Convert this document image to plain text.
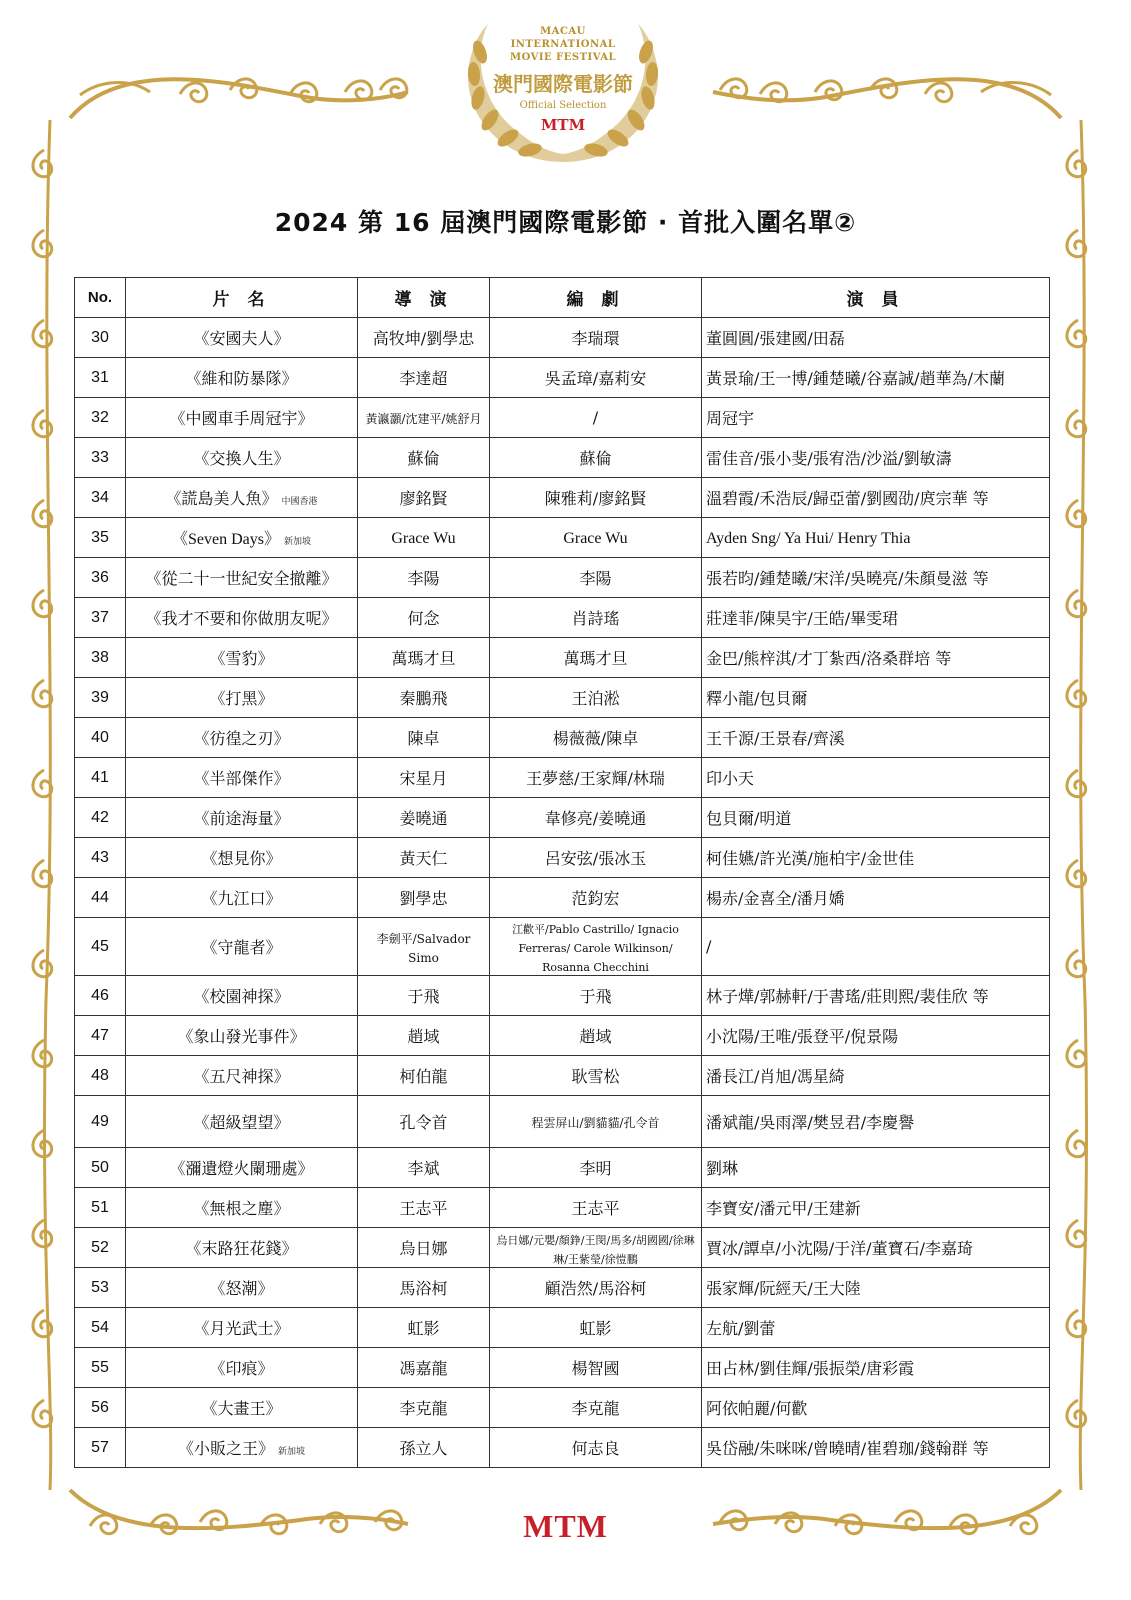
MACAU
INTERNATIONAL
MOVIE FESTIVAL
澳門國際電影節
Official Selection
MTM
2024 第 16 屆澳門國際電影節 · 首批入圍名單②
No.	片 名	導 演	編 劇	演 員
30	《安國夫人》	高牧坤/劉學忠	李瑞環	董圓圓/張建國/田磊
31	《維和防暴隊》	李達超	吳孟璋/嘉莉安	黃景瑜/王一博/鍾楚曦/谷嘉誠/趙華為/木蘭
32	《中國車手周冠宇》	黃瀛灝/沈建平/姚舒月	/	周冠宇
33	《交換人生》	蘇倫	蘇倫	雷佳音/張小斐/張宥浩/沙溢/劉敏濤
34	《謊島美人魚》 中國香港	廖銘賢	陳雅莉/廖銘賢	溫碧霞/禾浩辰/歸亞蕾/劉國劭/庹宗華 等
35	《Seven Days》 新加坡	Grace Wu	Grace Wu	Ayden Sng/ Ya Hui/ Henry Thia
36	《從二十一世紀安全撤離》	李陽	李陽	張若昀/鍾楚曦/宋洋/吳曉亮/朱顏曼滋 等
37	《我才不要和你做朋友呢》	何念	肖詩瑤	莊達菲/陳昊宇/王皓/畢雯珺
38	《雪豹》	萬瑪才旦	萬瑪才旦	金巴/熊梓淇/才丁紮西/洛桑群培 等
39	《打黑》	秦鵬飛	王泊淞	釋小龍/包貝爾
40	《彷徨之刃》	陳卓	楊薇薇/陳卓	王千源/王景春/齊溪
41	《半部傑作》	宋星月	王夢慈/王家輝/林瑞	印小天
42	《前途海量》	姜曉通	韋修亮/姜曉通	包貝爾/明道
43	《想見你》	黃天仁	呂安弦/張冰玉	柯佳嬿/許光漢/施柏宇/金世佳
44	《九江口》	劉學忠	范鈞宏	楊赤/金喜全/潘月嬌
45	《守龍者》	李劍平/Salvador Simo	江歡平/Pablo Castrillo/ Ignacio Ferreras/ Carole Wilkinson/ Rosanna Checchini	/
46	《校園神探》	于飛	于飛	林子燁/郭赫軒/于書瑤/莊則熙/裴佳欣 等
47	《象山發光事件》	趙域	趙域	小沈陽/王唯/張登平/倪景陽
48	《五尺神探》	柯伯龍	耿雪松	潘長江/肖旭/馮星綺
49	《超級望望》	孔令首	程雲屏山/劉貓貓/孔令首	潘斌龍/吳雨澤/樊昱君/李慶譽
50	《瀰遺燈火闌珊處》	李斌	李明	劉琳
51	《無根之塵》	王志平	王志平	李寶安/潘元甲/王建新
52	《末路狂花錢》	烏日娜	烏日娜/元嬰/顏錚/王閔/馬多/胡國國/徐琳琳/王紫瑩/徐愷鵬	賈冰/譚卓/小沈陽/于洋/董寶石/李嘉琦
53	《怒潮》	馬浴柯	顧浩然/馬浴柯	張家輝/阮經天/王大陸
54	《月光武士》	虹影	虹影	左航/劉蕾
55	《印痕》	馮嘉龍	楊智國	田占林/劉佳輝/張振榮/唐彩霞
56	《大畫王》	李克龍	李克龍	阿依帕麗/何歡
57	《小販之王》 新加坡	孫立人	何志良	吳岱融/朱咪咪/曾曉晴/崔碧珈/錢翰群 等
MTM
